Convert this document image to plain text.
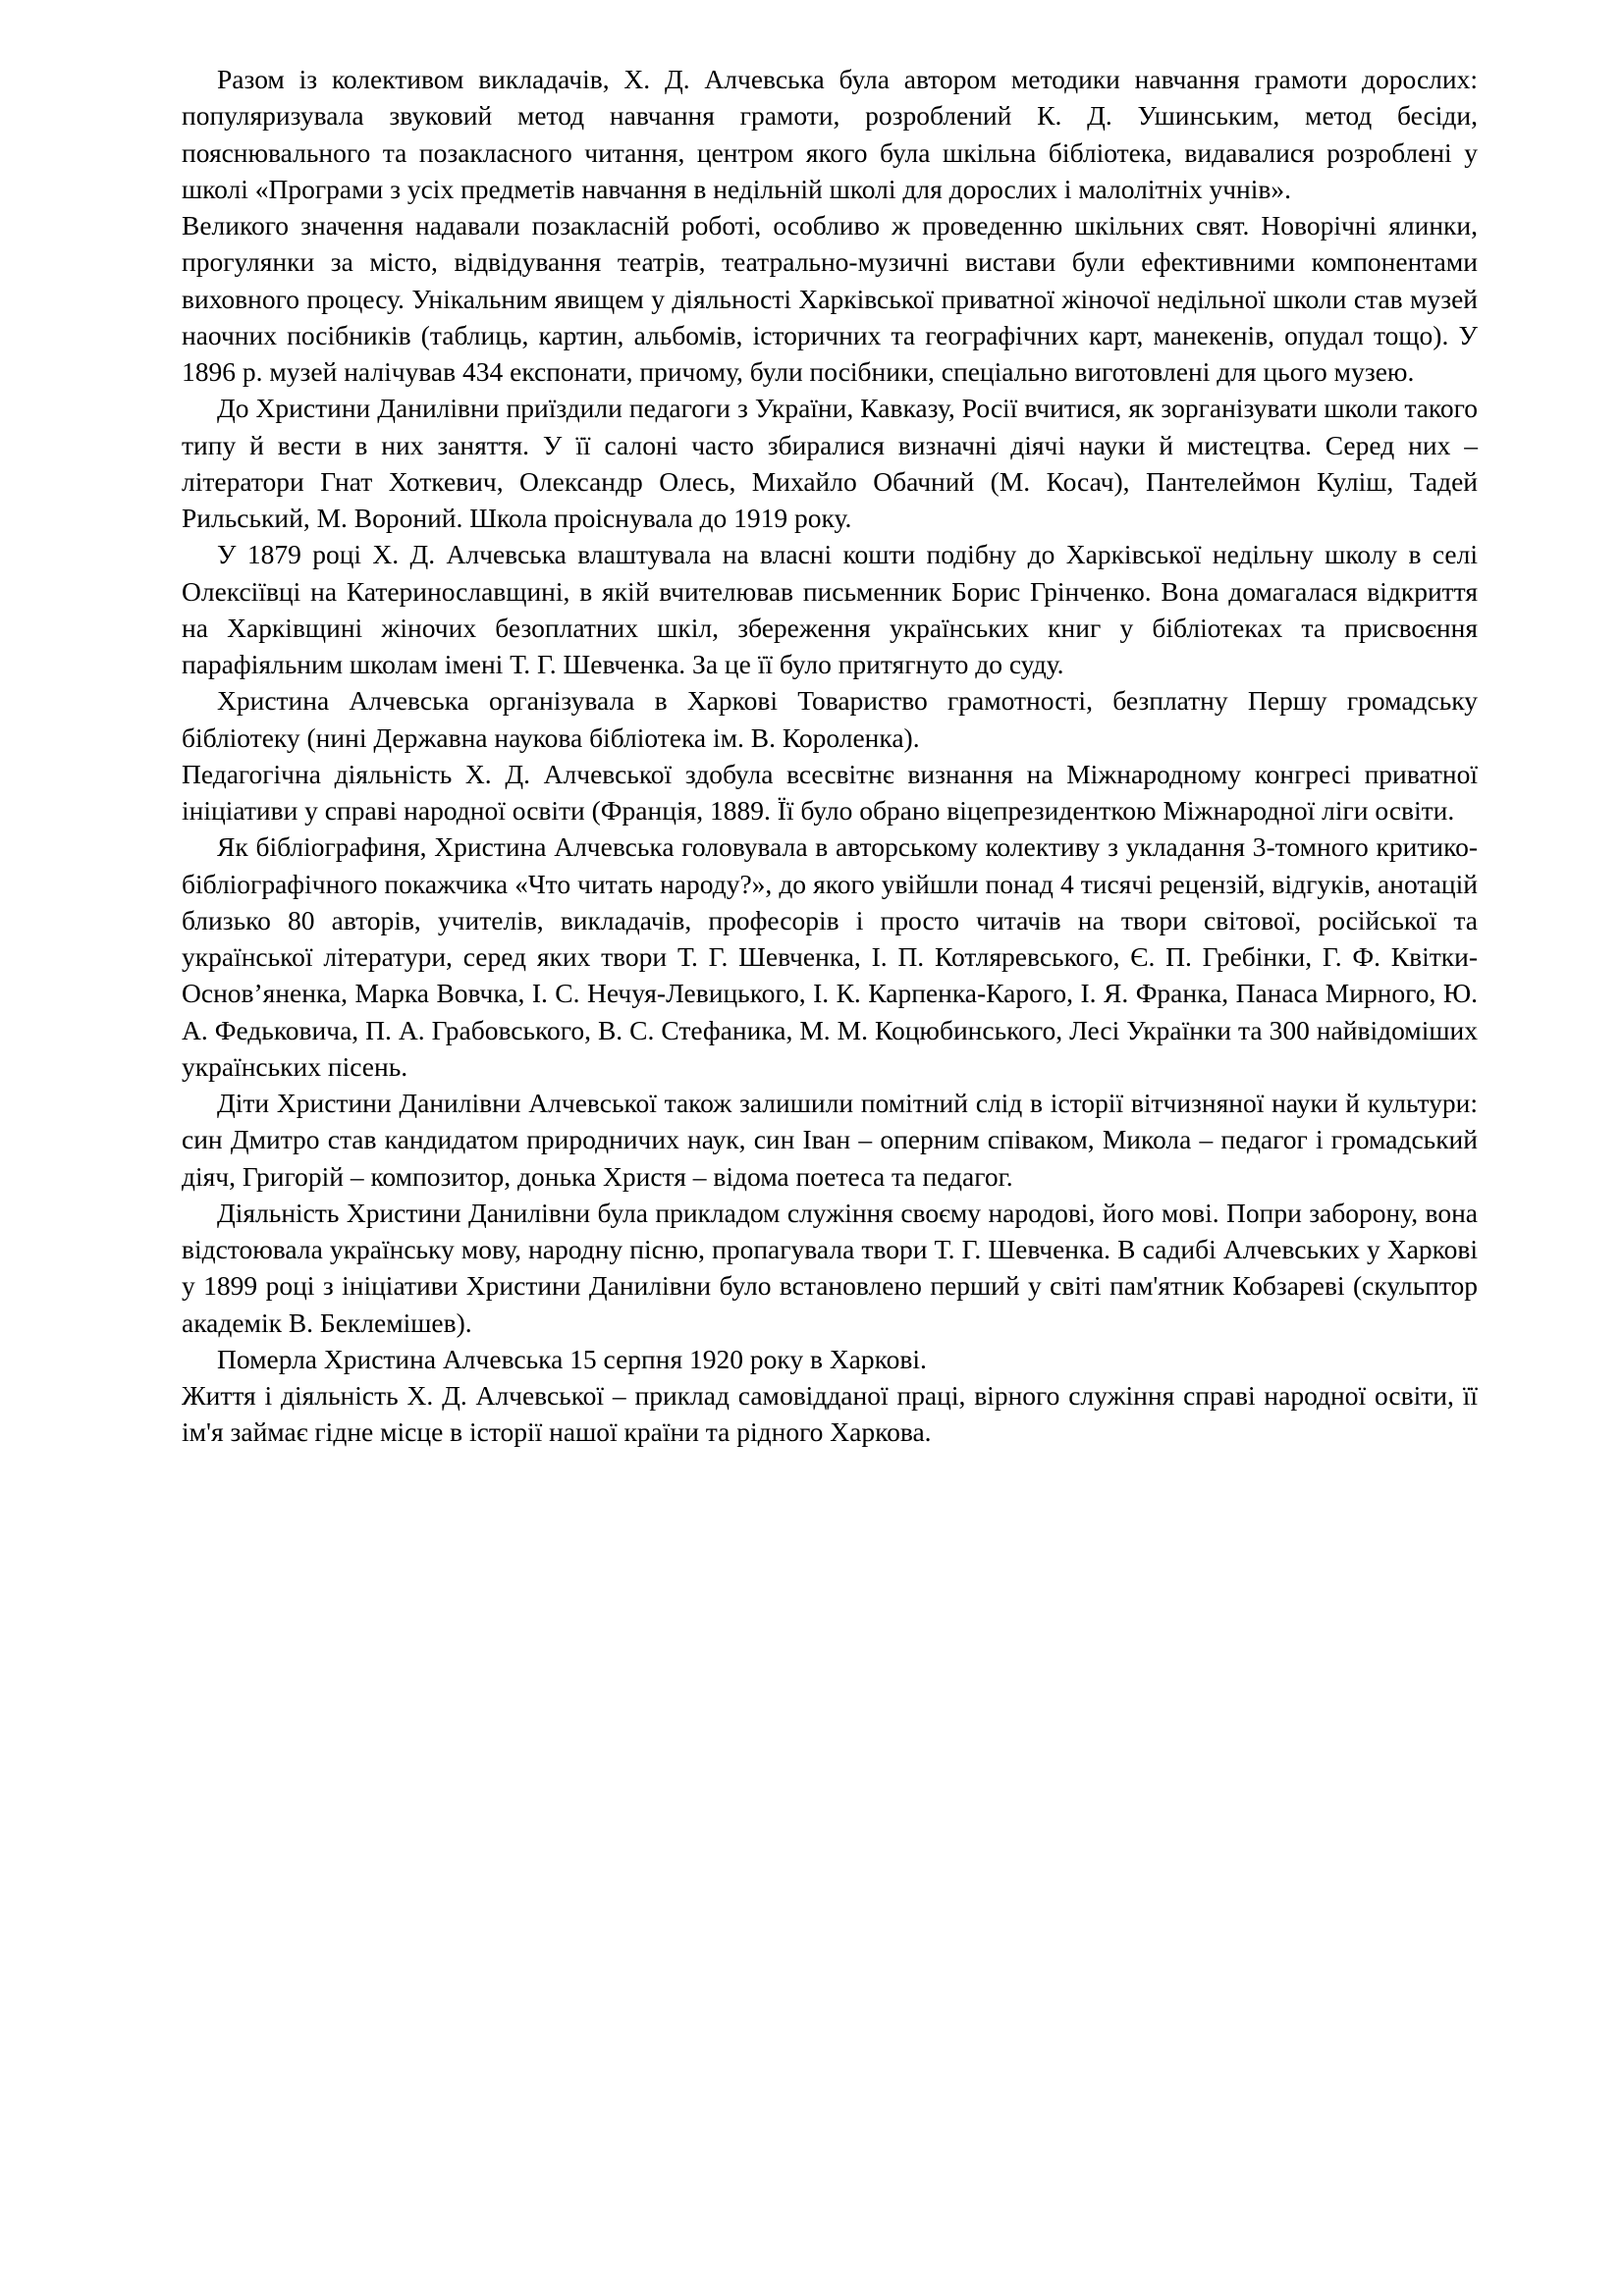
Разом із колективом викладачів, Х. Д. Алчевська була автором методики навчання грамоти дорослих: популяризувала звуковий метод навчання грамоти, розроблений К. Д. Ушинським, метод бесіди, пояснювального та позакласного читання, центром якого була шкільна бібліотека, видавалися розроблені у школі «Програми з усіх предметів навчання в недільній школі для дорослих і малолітніх учнів».

Великого значення надавали позакласній роботі, особливо ж проведенню шкільних свят. Новорічні ялинки, прогулянки за місто, відвідування театрів, театрально-музичні вистави були ефективними компонентами виховного процесу. Унікальним явищем у діяльності Харківської приватної жіночої недільної школи став музей наочних посібників (таблиць, картин, альбомів, історичних та географічних карт, манекенів, опудал тощо). У 1896 р. музей налічував 434 експонати, причому, були посібники, спеціально виготовлені для цього музею.

До Христини Данилівни приїздили педагоги з України, Кавказу, Росії вчитися, як зорганізувати школи такого типу й вести в них заняття. У її салоні часто збиралися визначні діячі науки й мистецтва. Серед них – літератори Гнат Хоткевич, Олександр Олесь, Михайло Обачний (М. Косач), Пантелеймон Куліш, Тадей Рильський, М. Вороний. Школа проіснувала до 1919 року.

У 1879 році Х. Д. Алчевська влаштувала на власні кошти подібну до Харківської недільну школу в селі Олексіївці на Катеринославщині, в якій вчителював письменник Борис Грінченко. Вона домагалася відкриття на Харківщині жіночих безоплатних шкіл, збереження українських книг у бібліотеках та присвоєння парафіяльним школам імені Т. Г. Шевченка. За це її було притягнуто до суду.

Христина Алчевська організувала в Харкові Товариство грамотності, безплатну Першу громадську бібліотеку (нині Державна наукова бібліотека ім. В. Короленка).

Педагогічна діяльність Х. Д. Алчевської здобула всесвітнє визнання на Міжнародному конгресі приватної ініціативи у справі народної освіти (Франція, 1889. Її було обрано віцепрезиденткою Міжнародної ліги освіти.

Як бібліографиня, Христина Алчевська головувала в авторському колективу з укладання 3-томного критико-бібліографічного покажчика «Что читать народу?», до якого увійшли понад 4 тисячі рецензій, відгуків, анотацій близько 80 авторів, учителів, викладачів, професорів і просто читачів на твори світової, російської та української літератури, серед яких твори Т. Г. Шевченка, І. П. Котляревського, Є. П. Гребінки, Г. Ф. Квітки-Основ’яненка, Марка Вовчка, І. С. Нечуя-Левицького, І. К. Карпенка-Карого, І. Я. Франка, Панаса Мирного, Ю. А. Федьковича, П. А. Грабовського, В. С. Стефаника, М. М. Коцюбинського, Лесі Українки та 300 найвідоміших українських пісень.

Діти Христини Данилівни Алчевської також залишили помітний слід в історії вітчизняної науки й культури: син Дмитро став кандидатом природничих наук, син Іван – оперним співаком, Микола – педагог і громадський діяч, Григорій – композитор, донька Христя – відома поетеса та педагог.

Діяльність Христини Данилівни була прикладом служіння своєму народові, його мові. Попри заборону, вона відстоювала українську мову, народну пісню, пропагувала твори Т. Г. Шевченка. В садибі Алчевських у Харкові у 1899 році з ініціативи Христини Данилівни було встановлено перший у світі пам'ятник Кобзареві (скульптор академік В. Беклемішев).

Померла Христина Алчевська 15 серпня 1920 року в Харкові.

Життя і діяльність Х. Д. Алчевської – приклад самовідданої праці, вірного служіння справі народної освіти, її ім'я займає гідне місце в історії нашої країни та рідного Харкова.
